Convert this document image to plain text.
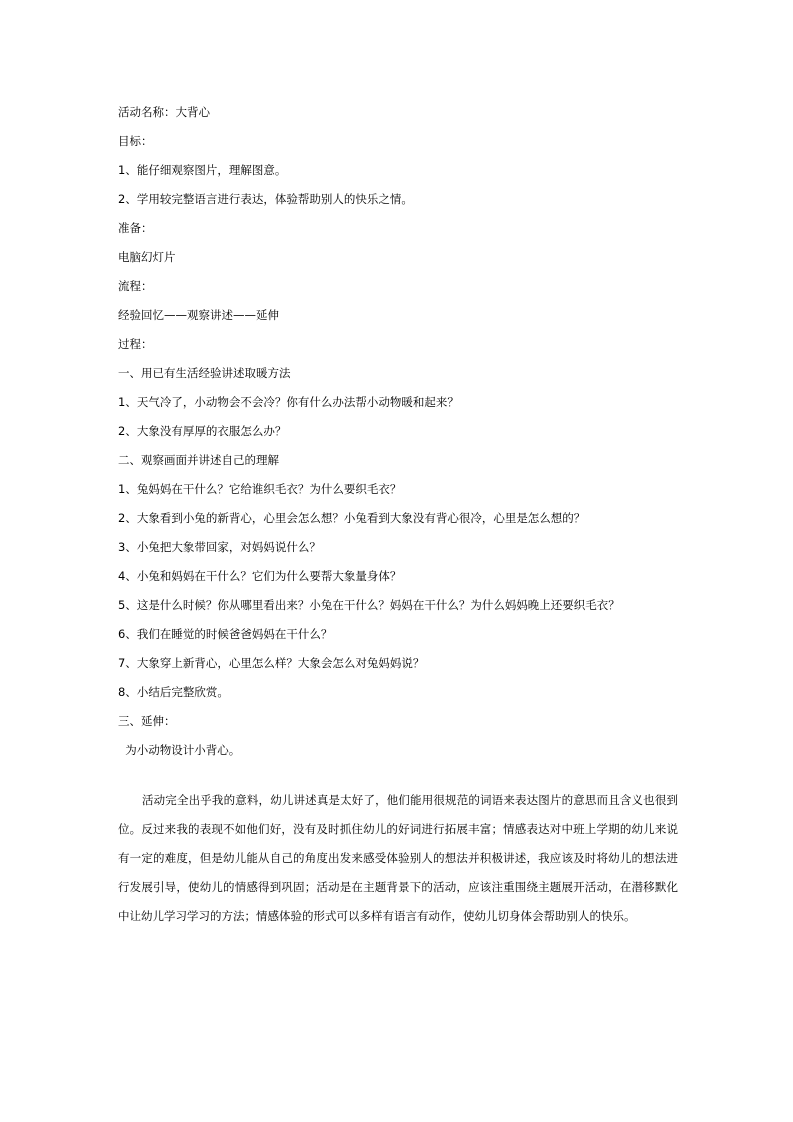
活动名称：大背心
目标：
1、能仔细观察图片，理解图意。
2、学用较完整语言进行表达，体验帮助别人的快乐之情。
准备：
电脑幻灯片
流程：
经验回忆——观察讲述——延伸
过程：
一、用已有生活经验讲述取暖方法
1、天气冷了，小动物会不会冷？你有什么办法帮小动物暖和起来？
2、大象没有厚厚的衣服怎么办？
二、观察画面并讲述自己的理解
1、兔妈妈在干什么？它给谁织毛衣？为什么要织毛衣？
2、大象看到小兔的新背心，心里会怎么想？小兔看到大象没有背心很冷，心里是怎么想的？
3、小兔把大象带回家，对妈妈说什么？
4、小兔和妈妈在干什么？它们为什么要帮大象量身体？
5、这是什么时候？你从哪里看出来？小兔在干什么？妈妈在干什么？为什么妈妈晚上还要织毛衣？
6、我们在睡觉的时候爸爸妈妈在干什么？
7、大象穿上新背心，心里怎么样？大象会怎么对兔妈妈说？
8、小结后完整欣赏。
三、延伸：
为小动物设计小背心。
活动完全出乎我的意料，幼儿讲述真是太好了，他们能用很规范的词语来表达图片的意思而且含义也很到位。反过来我的表现不如他们好，没有及时抓住幼儿的好词进行拓展丰富；情感表达对中班上学期的幼儿来说有一定的难度，但是幼儿能从自己的角度出发来感受体验别人的想法并积极讲述，我应该及时将幼儿的想法进行发展引导，使幼儿的情感得到巩固；活动是在主题背景下的活动，应该注重围绕主题展开活动，在潜移默化中让幼儿学习学习的方法；情感体验的形式可以多样有语言有动作，使幼儿切身体会帮助别人的快乐。
